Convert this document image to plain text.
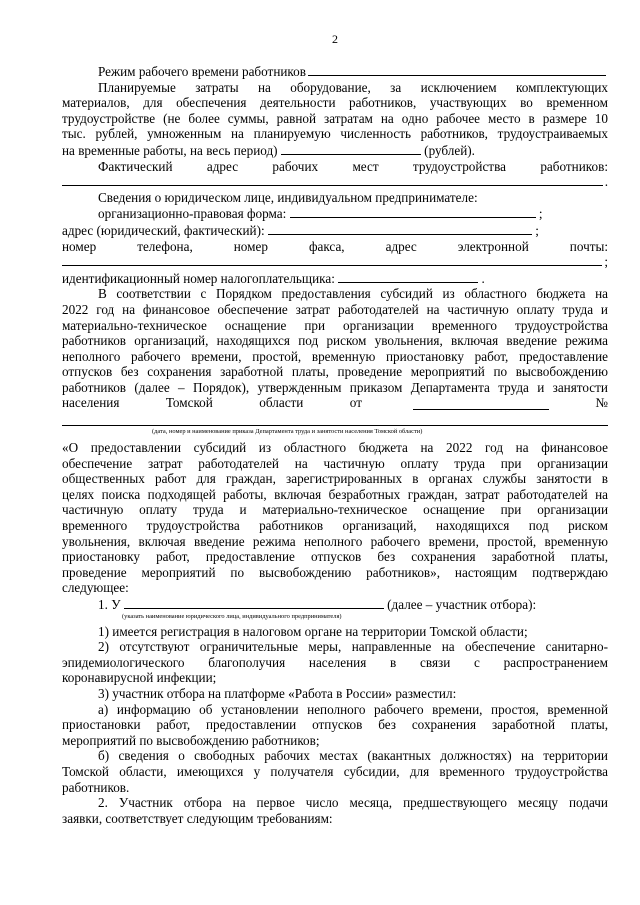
2
Режим рабочего времени работников
Планируемые затраты на оборудование, за исключением комплектующих
материалов, для обеспечения деятельности работников, участвующих во временном
трудоустройстве (не более суммы, равной затратам на одно рабочее место в размере 10
тыс. рублей, умноженным на планируемую численность работников, трудоустраиваемых
на временные работы, на весь период)	(рублей).
Фактический адрес рабочих мест трудоустройства работников:
.
Сведения о юридическом лице, индивидуальном предпринимателе:
организационно-правовая форма:	;
адрес (юридический, фактический):	;
номер телефона, номер факса, адрес электронной почты:
;
идентификационный номер налогоплательщика:	.
В соответствии с Порядком предоставления субсидий из областного бюджета на
2022 год на финансовое обеспечение затрат работодателей на частичную оплату труда и
материально-техническое оснащение при организации временного трудоустройства
работников организаций, находящихся под риском увольнения, включая введение режима
неполного рабочего времени, простой, временную приостановку работ, предоставление
отпусков без сохранения заработной платы, проведение мероприятий по высвобождению
работников (далее – Порядок), утвержденным приказом Департамента труда и занятости
населения Томской области от	№
(дата, номер и наименование приказа Департамента труда и занятости населения Томской области)
«О предоставлении субсидий из областного бюджета на 2022 год на финансовое
обеспечение затрат работодателей на частичную оплату труда при организации
общественных работ для граждан, зарегистрированных в органах службы занятости в
целях поиска подходящей работы, включая безработных граждан, затрат работодателей на
частичную оплату труда и материально-техническое оснащение при организации
временного трудоустройства работников организаций, находящихся под риском
увольнения, включая введение режима неполного рабочего времени, простой, временную
приостановку работ, предоставление отпусков без сохранения заработной платы,
проведение мероприятий по высвобождению работников», настоящим подтверждаю
следующее:
1. У	(далее – участник отбора):
(указать наименование юридического лица, индивидуального предпринимателя)
1) имеется регистрация в налоговом органе на территории Томской области;
2) отсутствуют ограничительные меры, направленные на обеспечение санитарно-
эпидемиологического благополучия населения в связи с распространением
коронавирусной инфекции;
3) участник отбора на платформе «Работа в России» разместил:
а) информацию об установлении неполного рабочего времени, простоя, временной
приостановки работ, предоставлении отпусков без сохранения заработной платы,
мероприятий по высвобождению работников;
б) сведения о свободных рабочих местах (вакантных должностях) на территории
Томской области, имеющихся у получателя субсидии, для временного трудоустройства
работников.
2. Участник отбора на первое число месяца, предшествующего месяцу подачи
заявки, соответствует следующим требованиям:
